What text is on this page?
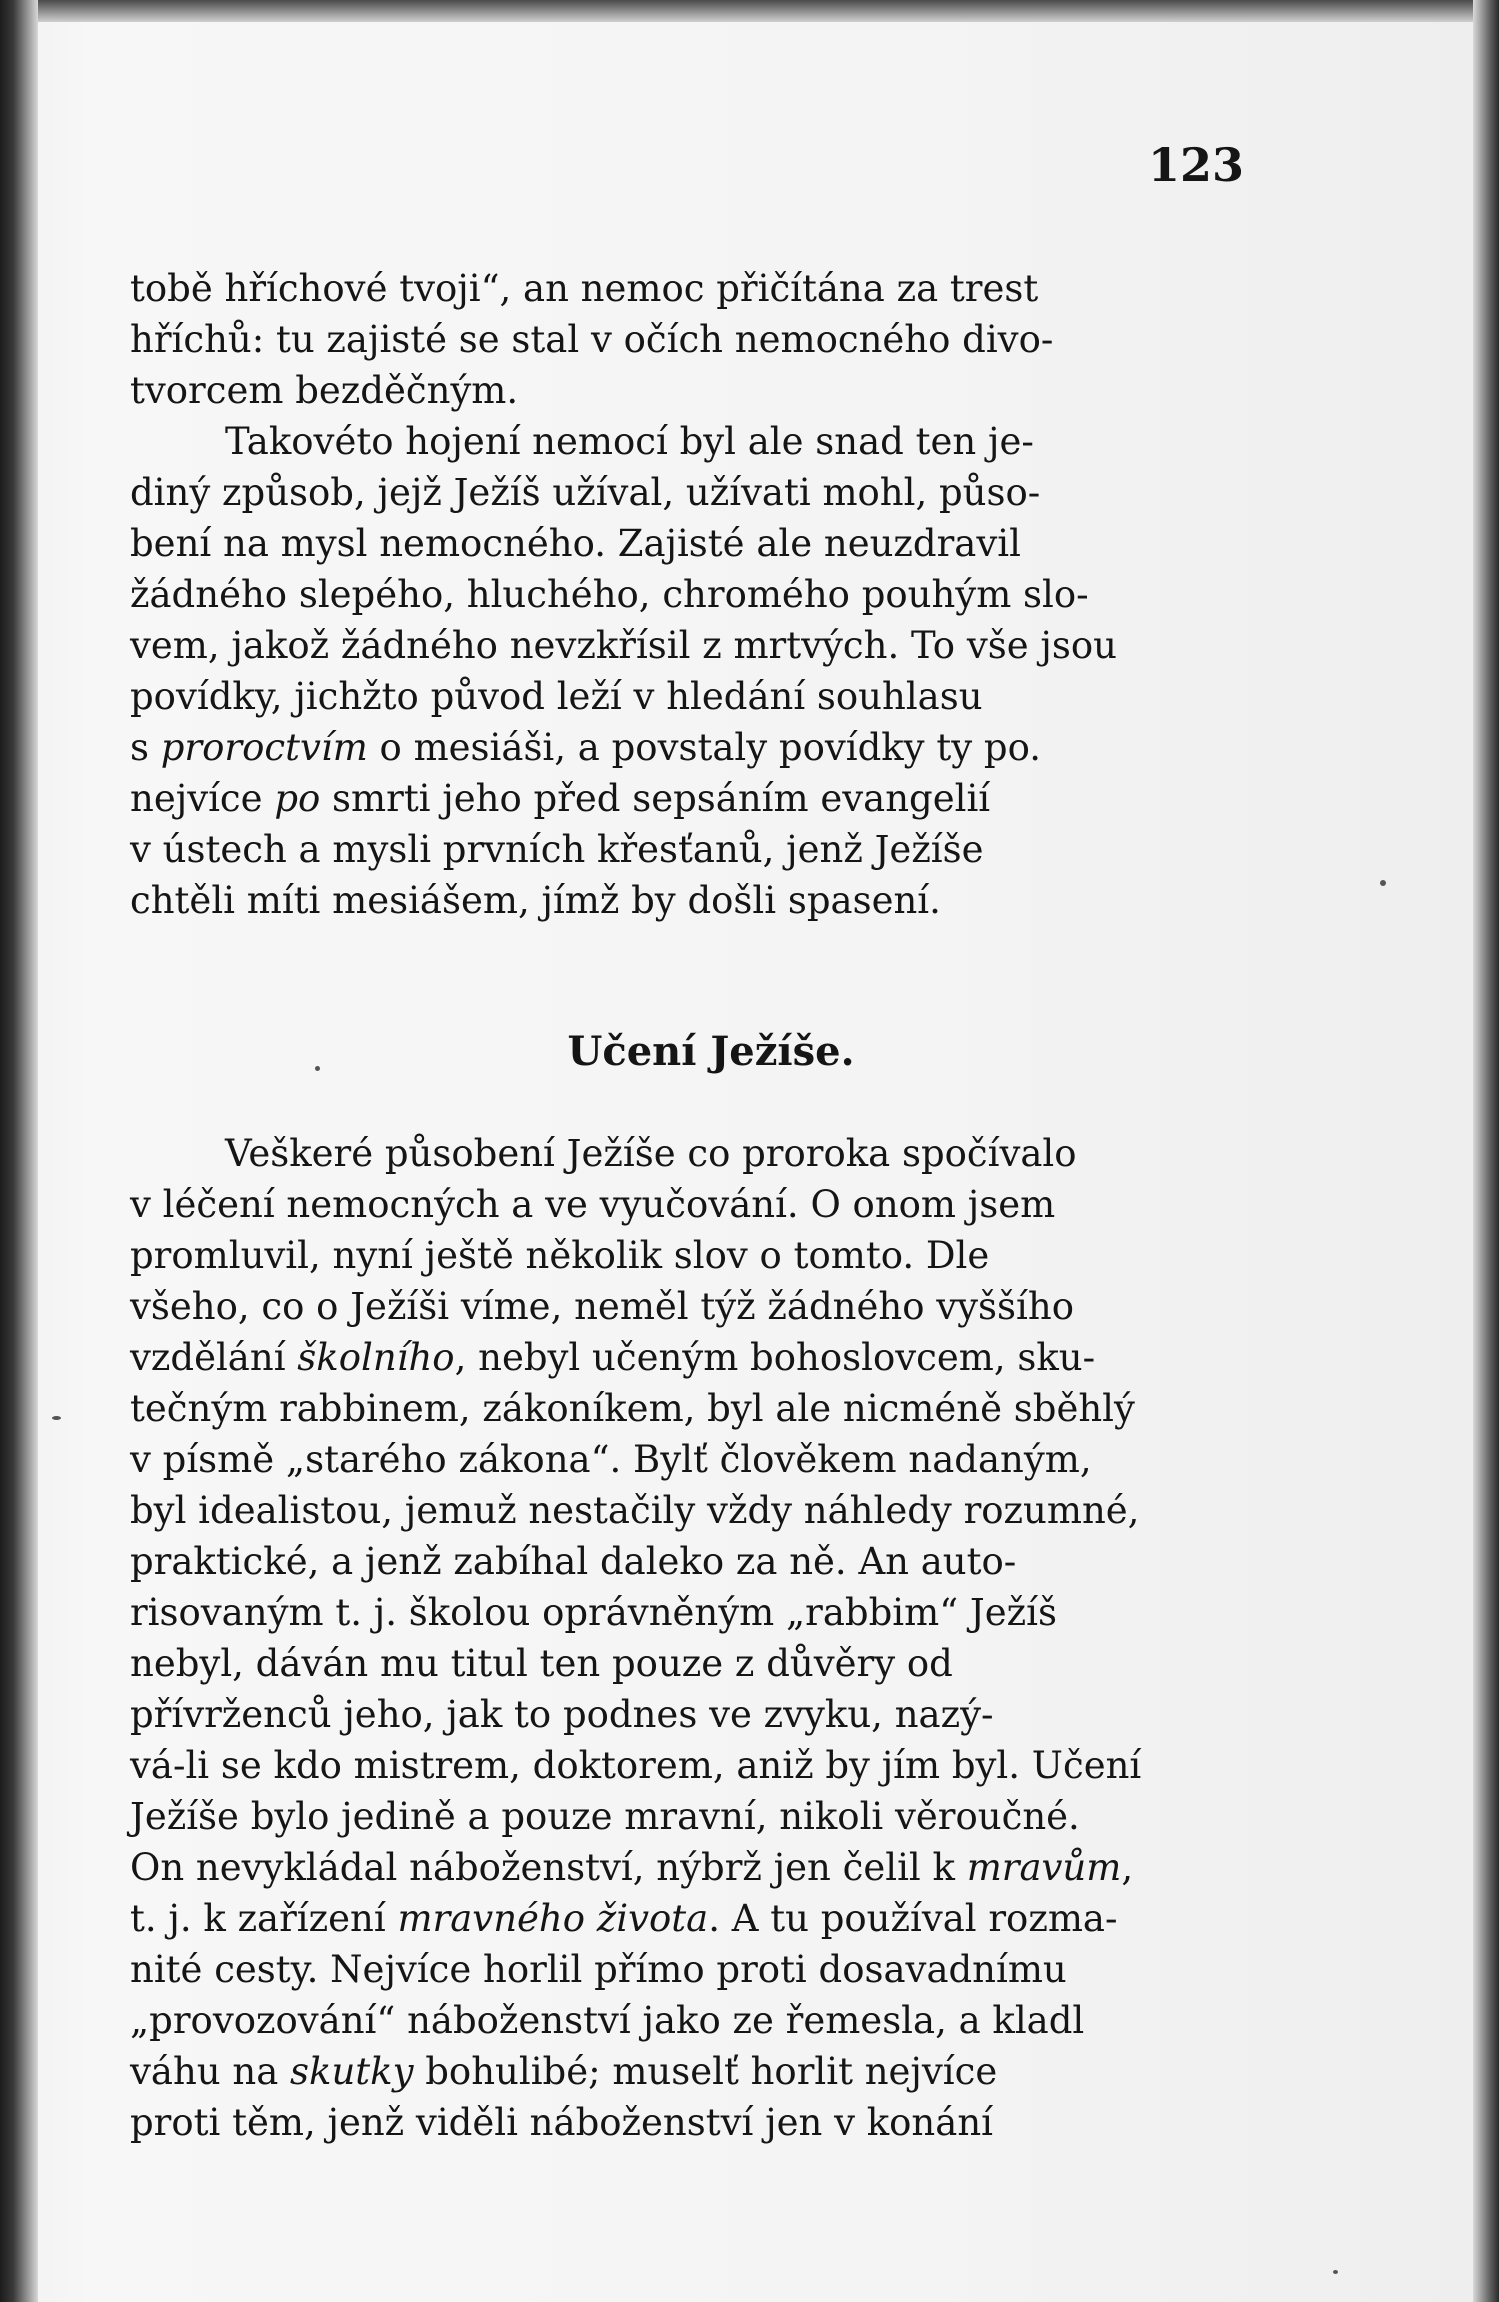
123
tobě hříchové tvoji“, an nemoc přičítána za trest
hříchů: tu zajisté se stal v očích nemocného divo-
tvorcem bezděčným.
Takovéto hojení nemocí byl ale snad ten je-
diný způsob, jejž Ježíš užíval, užívati mohl, půso-
bení na mysl nemocného. Zajisté ale neuzdravil
žádného slepého, hluchého, chromého pouhým slo-
vem, jakož žádného nevzkřísil z mrtvých. To vše jsou
povídky, jichžto původ leží v hledání souhlasu
s proroctvím o mesiáši, a povstaly povídky ty po.
nejvíce po smrti jeho před sepsáním evangelií
v ústech a mysli prvních křesťanů, jenž Ježíše
chtěli míti mesiášem, jímž by došli spasení.
Učení Ježíše.
Veškeré působení Ježíše co proroka spočívalo
v léčení nemocných a ve vyučování. O onom jsem
promluvil, nyní ještě několik slov o tomto. Dle
všeho, co o Ježíši víme, neměl týž žádného vyššího
vzdělání školního, nebyl učeným bohoslovcem, sku-
tečným rabbinem, zákoníkem, byl ale nicméně sběhlý
v písmě „starého zákona“. Bylť člověkem nadaným,
byl idealistou, jemuž nestačily vždy náhledy rozumné,
praktické, a jenž zabíhal daleko za ně. An auto-
risovaným t. j. školou oprávněným „rabbim“ Ježíš
nebyl, dáván mu titul ten pouze z důvěry od
přívrženců jeho, jak to podnes ve zvyku, nazý-
vá-li se kdo mistrem, doktorem, aniž by jím byl. Učení
Ježíše bylo jedině a pouze mravní, nikoli věroučné.
On nevykládal náboženství, nýbrž jen čelil k mravům,
t. j. k zařízení mravného života. A tu používal rozma-
nité cesty. Nejvíce horlil přímo proti dosavadnímu
„provozování“ náboženství jako ze řemesla, a kladl
váhu na skutky bohulibé; muselť horlit nejvíce
proti těm, jenž viděli náboženství jen v konání
